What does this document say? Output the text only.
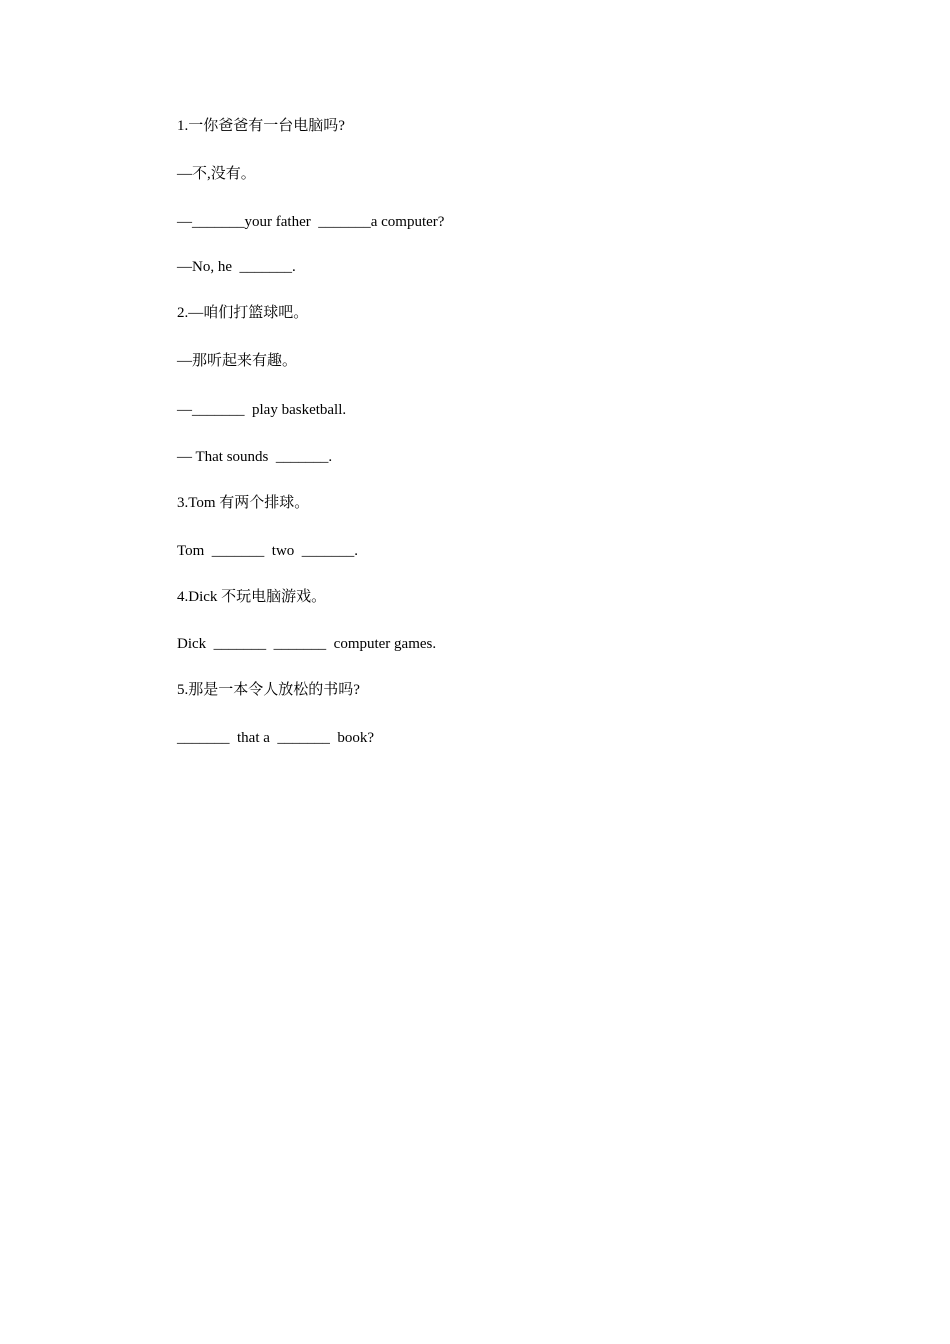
1.一你爸爸有一台电脑吗?
—不,没有。
—_______your father  _______a computer?
—No, he  _______.
2.—咱们打篮球吧。
—那听起来有趣。
—_______  play basketball.
— That sounds  _______.
3.Tom 有两个排球。
Tom  _______  two  _______.
4.Dick 不玩电脑游戏。
Dick  _______  _______  computer games.
5.那是一本令人放松的书吗?
_______  that a  _______  book?
